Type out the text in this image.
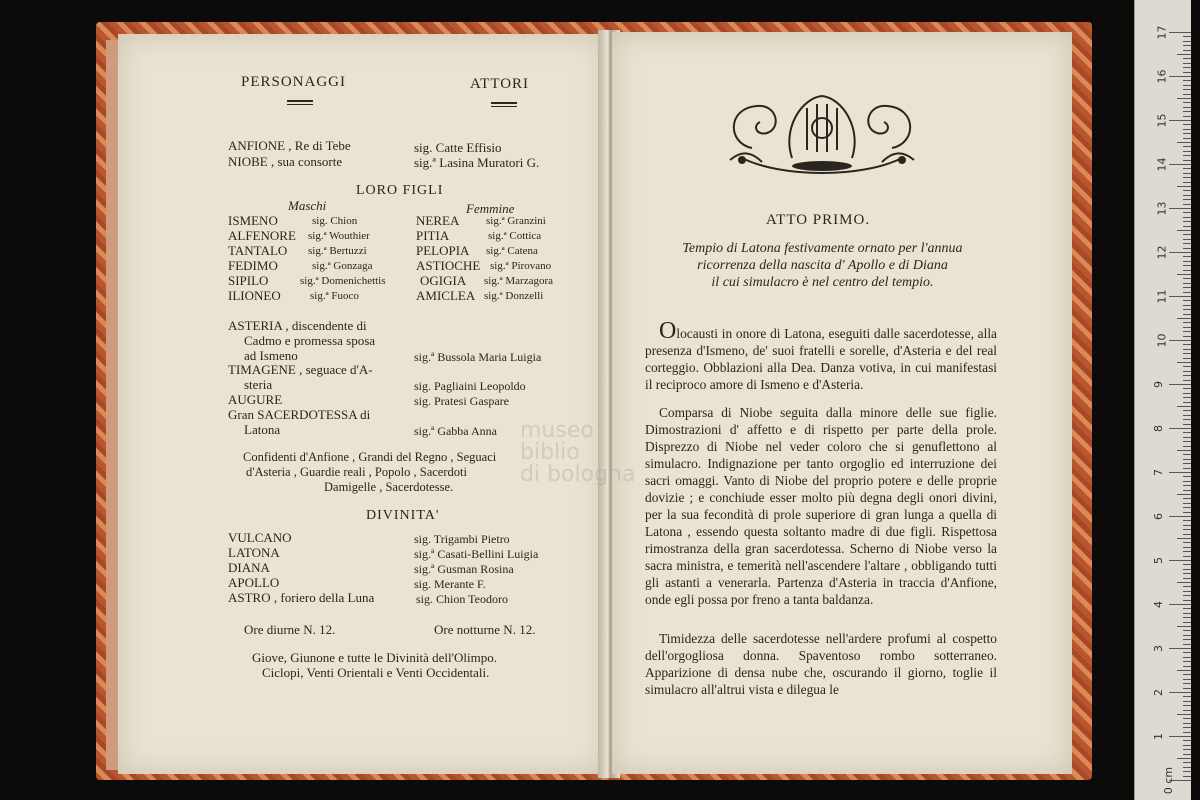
PERSONAGGI	ATTORI
ANFIONE , Re di Tebe	sig. Catte Effisio
NIOBE , sua consorte	sig.ª Lasina Muratori G.
LORO FIGLI
Maschi	Femmine
ISMENO	sig. Chion	NEREA sig.ª Granzini
ALFENORE sig.ª Wouthier	PITIA	sig.ª Cottica
TANTALO sig.ª Bertuzzi	PELOPIA sig.ª Catena
FEDIMO	sig.ª Gonzaga	ASTIOCHE sig.ª Pirovano
SIPILO	sig.ª Domenichettis	OGIGIA sig.ª Marzagora
ILIONEO	sig.ª Fuoco	AMICLEA sig.ª Donzelli
ASTERIA , discendente di
Cadmo e promessa sposa
ad Ismeno	sig.ª Bussola Maria Luigia
TIMAGENE , seguace d'A-
steria	sig. Pagliaini Leopoldo
AUGURE	sig. Pratesi Gaspare
Gran SACERDOTESSA di
Latona	sig.ª Gabba Anna
Confidenti d'Anfione , Grandi del Regno , Seguaci
d'Asteria , Guardie reali , Popolo , Sacerdoti
Damigelle , Sacerdotesse.
DIVINITA'
VULCANO	sig. Trigambi Pietro
LATONA	sig.ª Casati-Bellini Luigia
DIANA	sig.ª Gusman Rosina
APOLLO	sig. Merante F.
ASTRO , foriero della Luna	sig. Chion Teodoro
Ore diurne N. 12.	Ore notturne N. 12.
Giove, Giunone e tutte le Divinità dell'Olimpo.
Ciclopi, Venti Orientali e Venti Occidentali.
museo
biblio
di bologna
ATTO PRIMO.
Tempio di Latona festivamente ornato per l'annua
ricorrenza della nascita d' Apollo e di Diana
il cui simulacro è nel centro del tempio.
Olocausti in onore di Latona, eseguiti dalle sacerdotesse, alla presenza d'Ismeno, de' suoi fratelli e sorelle, d'Asteria e del real corteggio. Obblazioni alla Dea. Danza votiva, in cui manifestasi il reciproco amore di Ismeno e d'Asteria.
Comparsa di Niobe seguita dalla minore delle sue figlie. Dimostrazioni d' affetto e di rispetto per parte della prole. Disprezzo di Niobe nel veder coloro che si genuflettono al simulacro. Indignazione per tanto orgoglio ed interruzione dei sacri omaggi. Vanto di Niobe del proprio potere e delle proprie dovizie ; e conchiude esser molto più degna degli onori divini, per la sua fecondità di prole superiore di gran lunga a quella di Latona , essendo questa soltanto madre di due figli. Rispettosa rimostranza della gran sacerdotessa. Scherno di Niobe verso la sacra ministra, e temerità nell'ascendere l'altare , obbligando tutti gli astanti a venerarla. Partenza d'Asteria in traccia d'Anfione, onde egli possa por freno a tanta baldanza.
Timidezza delle sacerdotesse nell'ardere profumi al cospetto dell'orgogliosa donna. Spaventoso rombo sotterraneo. Apparizione di densa nube che, oscurando il giorno, toglie il simulacro all'altrui vista e dilegua le
17
16
15
14
13
12
11
10
9
8
7
6
5
4
3
2
1
0 cm
